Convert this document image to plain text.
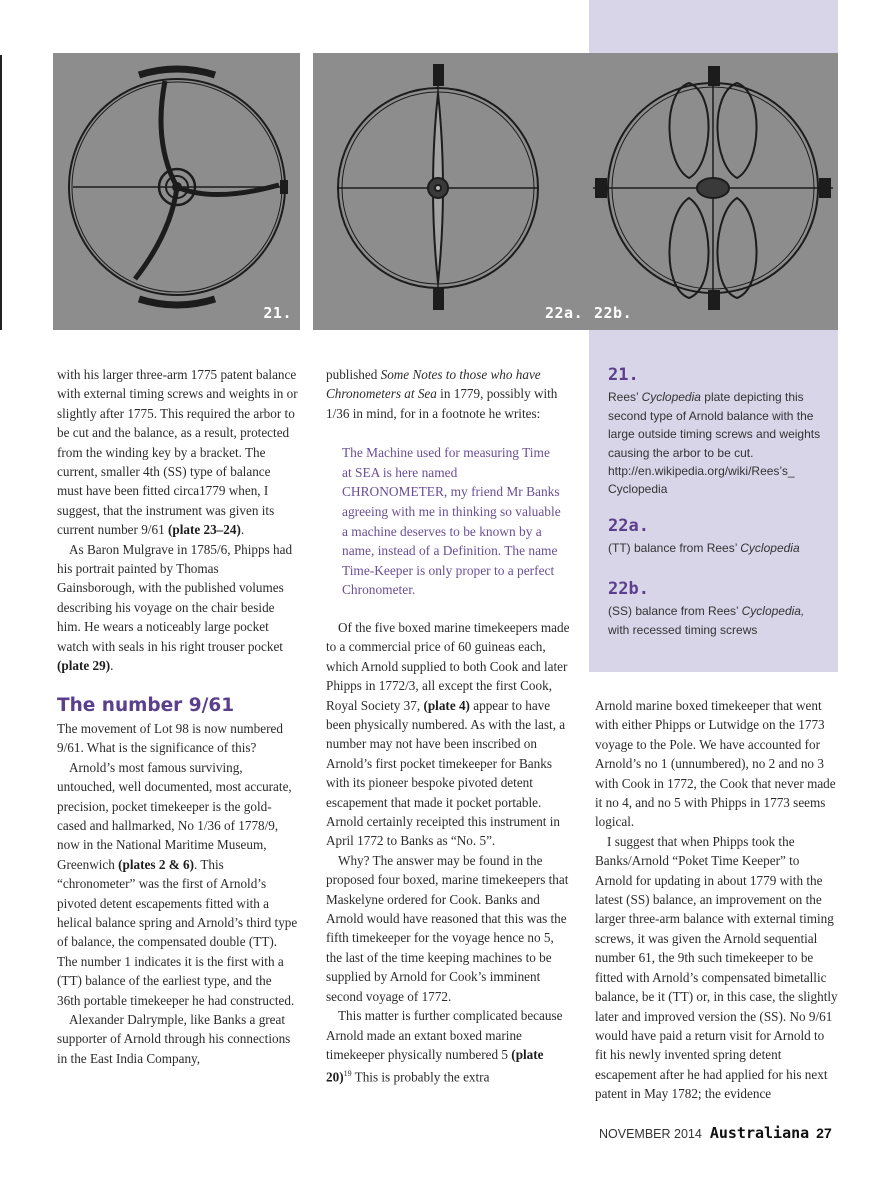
21.	22a. 22b.

with his larger three-arm 1775 patent balance with external timing screws and weights in or slightly after 1775. This required the arbor to be cut and the balance, as a result, protected from the winding key by a bracket. The current, smaller 4th (SS) type of balance must have been fitted circa1779 when, I suggest, that the instrument was given its current number 9/61 (plate 23–24).

As Baron Mulgrave in 1785/6, Phipps had his portrait painted by Thomas Gainsborough, with the published volumes describing his voyage on the chair beside him. He wears a noticeably large pocket watch with seals in his right trouser pocket (plate 29).

The number 9/61

The movement of Lot 98 is now numbered 9/61. What is the significance of this?

Arnold’s most famous surviving, untouched, well documented, most accurate, precision, pocket timekeeper is the gold-cased and hallmarked, No 1/36 of 1778/9, now in the National Maritime Museum, Greenwich (plates 2 & 6). This “chronometer” was the first of Arnold’s pivoted detent escapements fitted with a helical balance spring and Arnold’s third type of balance, the compensated double (TT). The number 1 indicates it is the first with a (TT) balance of the earliest type, and the 36th portable timekeeper he had constructed.

Alexander Dalrymple, like Banks a great supporter of Arnold through his connections in the East India Company,

published Some Notes to those who have Chronometers at Sea in 1779, possibly with 1/36 in mind, for in a footnote he writes:

The Machine used for measuring Time at SEA is here named CHRONOMETER, my friend Mr Banks agreeing with me in thinking so valuable a machine deserves to be known by a name, instead of a Definition. The name Time-Keeper is only proper to a perfect Chronometer.

Of the five boxed marine timekeepers made to a commercial price of 60 guineas each, which Arnold supplied to both Cook and later Phipps in 1772/3, all except the first Cook, Royal Society 37, (plate 4) appear to have been physically numbered. As with the last, a number may not have been inscribed on Arnold’s first pocket timekeeper for Banks with its pioneer bespoke pivoted detent escapement that made it pocket portable. Arnold certainly receipted this instrument in April 1772 to Banks as “No. 5”.

Why? The answer may be found in the proposed four boxed, marine timekeepers that Maskelyne ordered for Cook. Banks and Arnold would have reasoned that this was the fifth timekeeper for the voyage hence no 5, the last of the time keeping machines to be supplied by Arnold for Cook’s imminent second voyage of 1772.

This matter is further complicated because Arnold made an extant boxed marine timekeeper physically numbered 5 (plate 20)$^{19}$ This is probably the extra

Arnold marine boxed timekeeper that went with either Phipps or Lutwidge on the 1773 voyage to the Pole. We have accounted for Arnold’s no 1 (unnumbered), no 2 and no 3 with Cook in 1772, the Cook that never made it no 4, and no 5 with Phipps in 1773 seems logical.

I suggest that when Phipps took the Banks/Arnold “Poket Time Keeper” to Arnold for updating in about 1779 with the latest (SS) balance, an improvement on the larger three-arm balance with external timing screws, it was given the Arnold sequential number 61, the 9th such timekeeper to be fitted with Arnold’s compensated bimetallic balance, be it (TT) or, in this case, the slightly later and improved version the (SS). No 9/61 would have paid a return visit for Arnold to fit his newly invented spring detent escapement after he had applied for his next patent in May 1782; the evidence

21.
Rees’ Cyclopedia plate depicting this second type of Arnold balance with the large outside timing screws and weights causing the arbor to be cut. http://en.wikipedia.org/wiki/Rees’s_ Cyclopedia
22a.
(TT) balance from Rees’ Cyclopedia
22b.
(SS) balance from Rees’ Cyclopedia, with recessed timing screws
NOVEMBER 2014 Australiana 27
